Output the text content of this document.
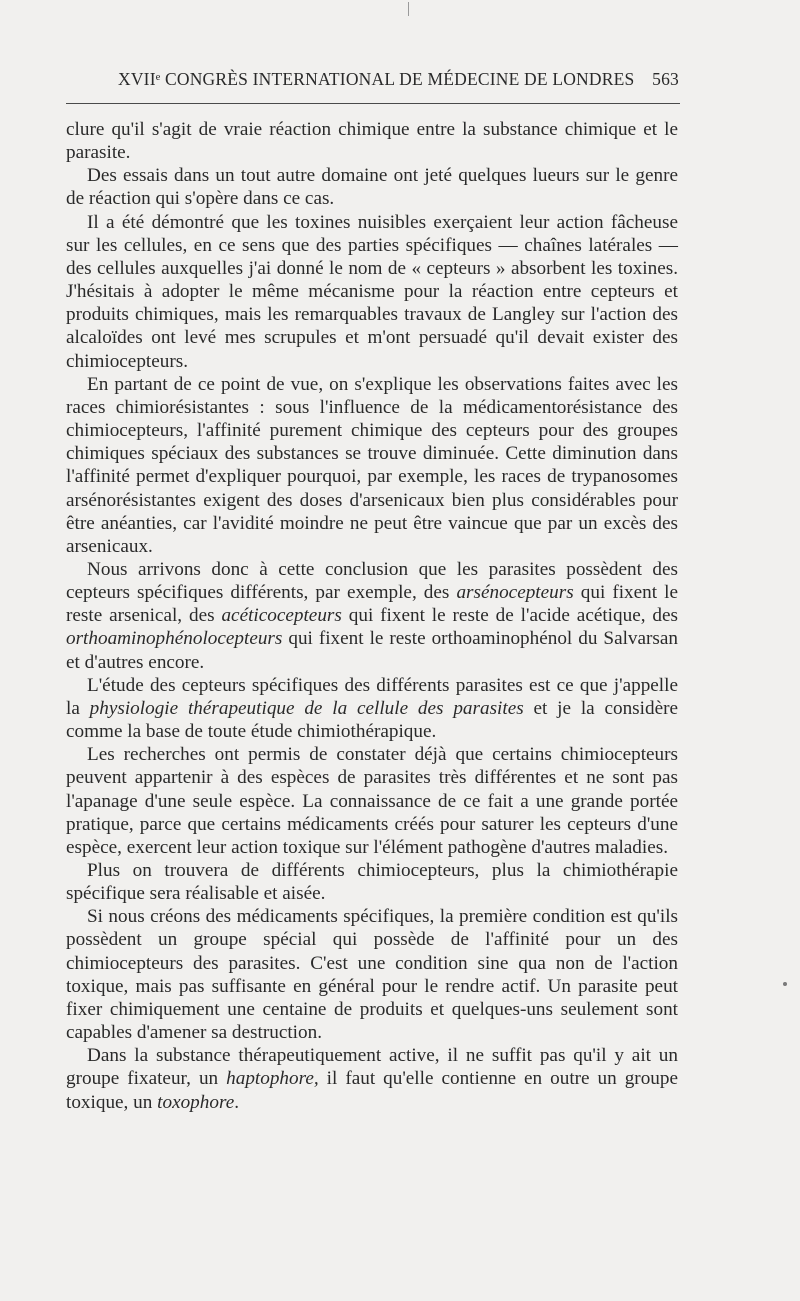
XVIIᵉ CONGRÈS INTERNATIONAL DE MÉDECINE DE LONDRES 563

clure qu'il s'agit de vraie réaction chimique entre la substance chimique et le parasite.

Des essais dans un tout autre domaine ont jeté quelques lueurs sur le genre de réaction qui s'opère dans ce cas.

Il a été démontré que les toxines nuisibles exerçaient leur action fâcheuse sur les cellules, en ce sens que des parties spécifiques — chaînes latérales — des cellules auxquelles j'ai donné le nom de « cepteurs » absorbent les toxines. J'hésitais à adopter le même mécanisme pour la réaction entre cepteurs et produits chimiques, mais les remarquables travaux de Langley sur l'action des alcaloïdes ont levé mes scrupules et m'ont persuadé qu'il devait exister des chimiocepteurs.

En partant de ce point de vue, on s'explique les observations faites avec les races chimiorésistantes : sous l'influence de la médicamentorésistance des chimiocepteurs, l'affinité purement chimique des cepteurs pour des groupes chimiques spéciaux des substances se trouve diminuée. Cette diminution dans l'affinité permet d'expliquer pourquoi, par exemple, les races de trypanosomes arsénorésistantes exigent des doses d'arsenicaux bien plus considérables pour être anéanties, car l'avidité moindre ne peut être vaincue que par un excès des arsenicaux.

Nous arrivons donc à cette conclusion que les parasites possèdent des cepteurs spécifiques différents, par exemple, des arsénocepteurs qui fixent le reste arsenical, des acéticocepteurs qui fixent le reste de l'acide acétique, des orthoaminophénolocepteurs qui fixent le reste orthoaminophénol du Salvarsan et d'autres encore.

L'étude des cepteurs spécifiques des différents parasites est ce que j'appelle la physiologie thérapeutique de la cellule des parasites et je la considère comme la base de toute étude chimiothérapique.

Les recherches ont permis de constater déjà que certains chimiocepteurs peuvent appartenir à des espèces de parasites très différentes et ne sont pas l'apanage d'une seule espèce. La connaissance de ce fait a une grande portée pratique, parce que certains médicaments créés pour saturer les cepteurs d'une espèce, exercent leur action toxique sur l'élément pathogène d'autres maladies.

Plus on trouvera de différents chimiocepteurs, plus la chimiothérapie spécifique sera réalisable et aisée.

Si nous créons des médicaments spécifiques, la première condition est qu'ils possèdent un groupe spécial qui possède de l'affinité pour un des chimiocepteurs des parasites. C'est une condition sine qua non de l'action toxique, mais pas suffisante en général pour le rendre actif. Un parasite peut fixer chimiquement une centaine de produits et quelques-uns seulement sont capables d'amener sa destruction.

Dans la substance thérapeutiquement active, il ne suffit pas qu'il y ait un groupe fixateur, un haptophore, il faut qu'elle contienne en outre un groupe toxique, un toxophore.
